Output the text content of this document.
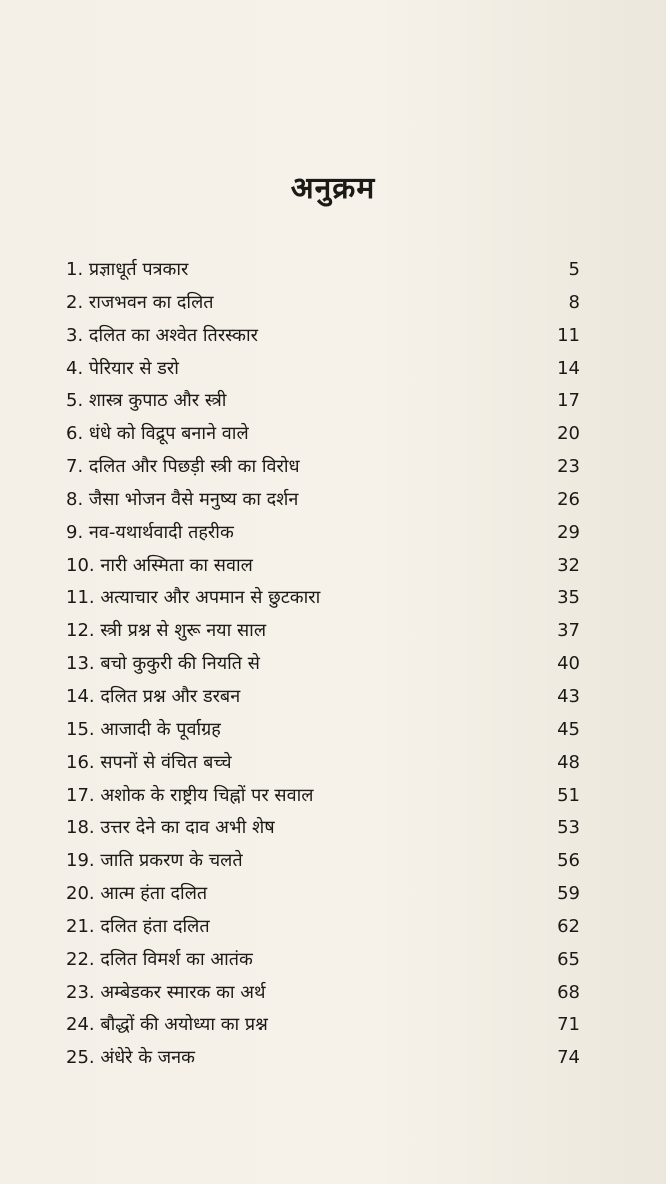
अनुक्रम
1. प्रज्ञाधूर्त पत्रकार	5
2. राजभवन का दलित	8
3. दलित का अश्वेत तिरस्कार	11
4. पेरियार से डरो	14
5. शास्त्र कुपाठ और स्त्री	17
6. धंधे को विद्रूप बनाने वाले	20
7. दलित और पिछड़ी स्त्री का विरोध	23
8. जैसा भोजन वैसे मनुष्य का दर्शन	26
9. नव-यथार्थवादी तहरीक	29
10. नारी अस्मिता का सवाल	32
11. अत्याचार और अपमान से छुटकारा	35
12. स्त्री प्रश्न से शुरू नया साल	37
13. बचो कुकुरी की नियति से	40
14. दलित प्रश्न और डरबन	43
15. आजादी के पूर्वाग्रह	45
16. सपनों से वंचित बच्चे	48
17. अशोक के राष्ट्रीय चिह्नों पर सवाल	51
18. उत्तर देने का दाव अभी शेष	53
19. जाति प्रकरण के चलते	56
20. आत्म हंता दलित	59
21. दलित हंता दलित	62
22. दलित विमर्श का आतंक	65
23. अम्बेडकर स्मारक का अर्थ	68
24. बौद्धों की अयोध्या का प्रश्न	71
25. अंधेरे के जनक	74
